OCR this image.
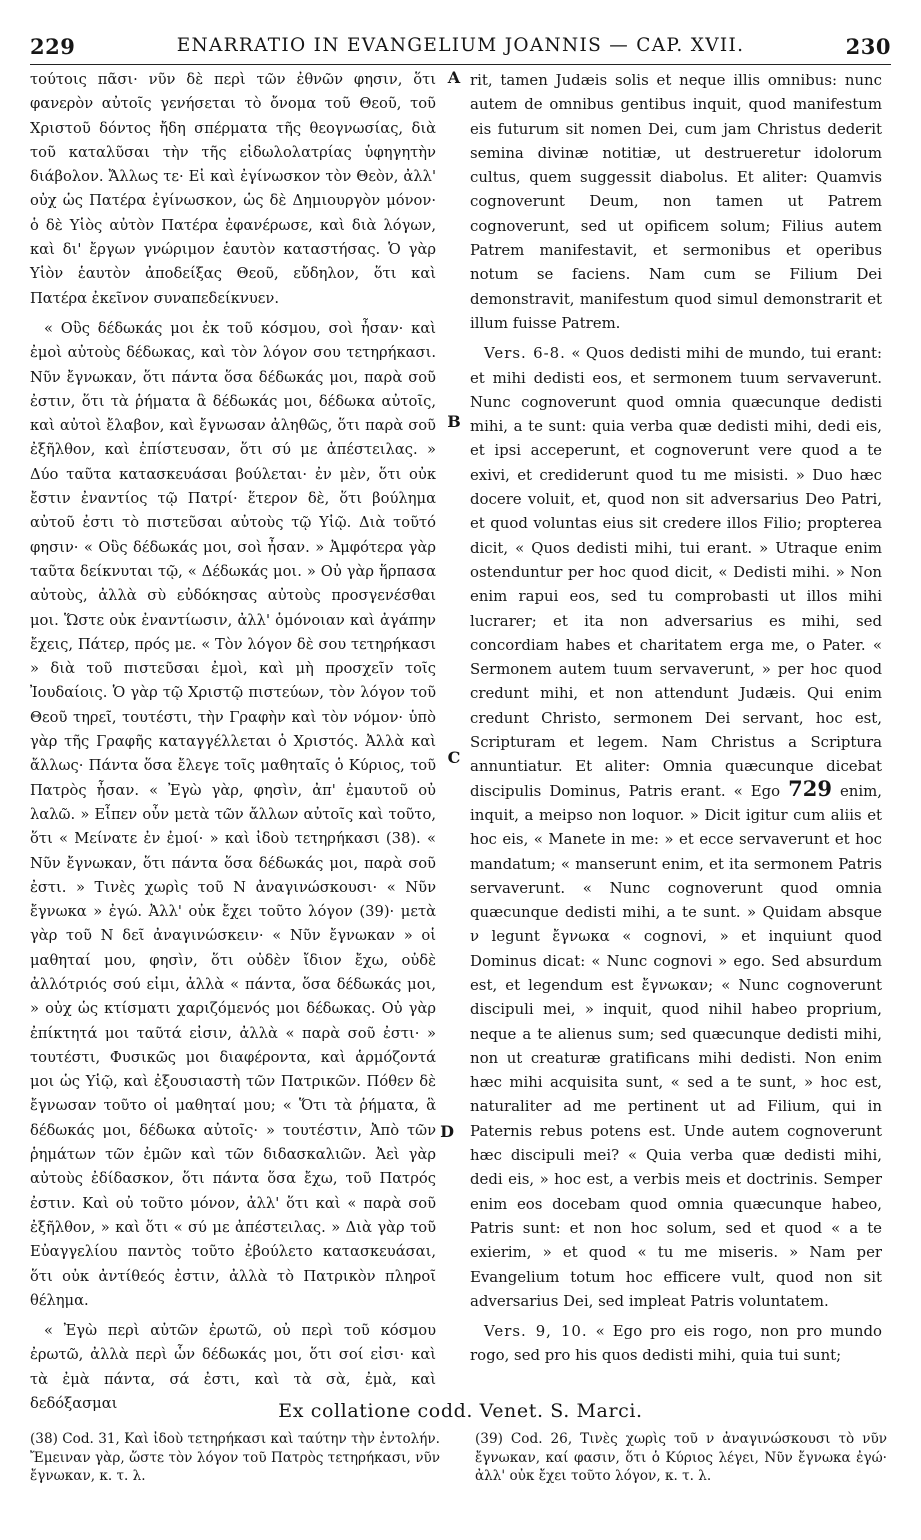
229	ENARRATIO IN EVANGELIUM JOANNIS — CAP. XVII.	230

τούτοις πᾶσι· νῦν δὲ περὶ τῶν ἐθνῶν φησιν, ὅτι φανερὸν αὐτοῖς γενήσεται τὸ ὄνομα τοῦ Θεοῦ, τοῦ Χριστοῦ δόντος ἤδη σπέρματα τῆς θεογνωσίας, διὰ τοῦ καταλῦσαι τὴν τῆς εἰδωλολατρίας ὑφηγητὴν διάβολον. Ἄλλως τε· Εἰ καὶ ἐγίνωσκον τὸν Θεὸν, ἀλλ' οὐχ ὡς Πατέρα ἐγίνωσκον, ὡς δὲ Δημιουργὸν μόνον· ὁ δὲ Υἱὸς αὐτὸν Πατέρα ἐφανέρωσε, καὶ διὰ λόγων, καὶ δι' ἔργων γνώριμον ἑαυτὸν καταστήσας. Ὁ γὰρ Υἱὸν ἑαυτὸν ἀποδείξας Θεοῦ, εὔδηλον, ὅτι καὶ Πατέρα ἐκεῖνον συναπεδείκνυεν.

« Οὓς δέδωκάς μοι ἐκ τοῦ κόσμου, σοὶ ἦσαν· καὶ ἐμοὶ αὐτοὺς δέδωκας, καὶ τὸν λόγον σου τετηρήκασι. Νῦν ἔγνωκαν, ὅτι πάντα ὅσα δέδωκάς μοι, παρὰ σοῦ ἐστιν, ὅτι τὰ ῥήματα ἃ δέδωκάς μοι, δέδωκα αὐτοῖς, καὶ αὐτοὶ ἔλαβον, καὶ ἔγνωσαν ἀληθῶς, ὅτι παρὰ σοῦ ἐξῆλθον, καὶ ἐπίστευσαν, ὅτι σύ με ἀπέστειλας. » Δύο ταῦτα κατασκευάσαι βούλεται· ἐν μὲν, ὅτι οὐκ ἔστιν ἐναντίος τῷ Πατρί· ἕτερον δὲ, ὅτι βούλημα αὐτοῦ ἐστι τὸ πιστεῦσαι αὐτοὺς τῷ Υἱῷ. Διὰ τοῦτό φησιν· « Οὓς δέδωκάς μοι, σοὶ ἦσαν. » Ἀμφότερα γὰρ ταῦτα δείκνυται τῷ, « Δέδωκάς μοι. » Οὐ γὰρ ἥρπασα αὐτοὺς, ἀλλὰ σὺ εὐδόκησας αὐτοὺς προσγενέσθαι μοι. Ὥστε οὐκ ἐναντίωσιν, ἀλλ' ὁμόνοιαν καὶ ἀγάπην ἔχεις, Πάτερ, πρός με. « Τὸν λόγον δὲ σου τετηρήκασι » διὰ τοῦ πιστεῦσαι ἐμοὶ, καὶ μὴ προσχεῖν τοῖς Ἰουδαίοις. Ὁ γὰρ τῷ Χριστῷ πιστεύων, τὸν λόγον τοῦ Θεοῦ τηρεῖ, τουτέστι, τὴν Γραφὴν καὶ τὸν νόμον· ὑπὸ γὰρ τῆς Γραφῆς καταγγέλλεται ὁ Χριστός. Ἀλλὰ καὶ ἄλλως· Πάντα ὅσα ἔλεγε τοῖς μαθηταῖς ὁ Κύριος, τοῦ Πατρὸς ἦσαν. « Ἐγὼ γὰρ, φησὶν, ἀπ' ἐμαυτοῦ οὐ λαλῶ. » Εἶπεν οὖν μετὰ τῶν ἄλλων αὐτοῖς καὶ τοῦτο, ὅτι « Μείνατε ἐν ἐμοί· » καὶ ἰδοὺ τετηρήκασι (38). « Νῦν ἔγνωκαν, ὅτι πάντα ὅσα δέδωκάς μοι, παρὰ σοῦ ἐστι. » Τινὲς χωρὶς τοῦ Ν ἀναγινώσκουσι· « Νῦν ἔγνωκα » ἐγώ. Ἀλλ' οὐκ ἔχει τοῦτο λόγον (39)· μετὰ γὰρ τοῦ Ν δεῖ ἀναγινώσκειν· « Νῦν ἔγνωκαν » οἱ μαθηταί μου, φησὶν, ὅτι οὐδὲν ἴδιον ἔχω, οὐδὲ ἀλλότριός σού εἰμι, ἀλλὰ « πάντα, ὅσα δέδωκάς μοι, » οὐχ ὡς κτίσματι χαριζόμενός μοι δέδωκας. Οὐ γὰρ ἐπίκτητά μοι ταῦτά εἰσιν, ἀλλὰ « παρὰ σοῦ ἐστι· » τουτέστι, Φυσικῶς μοι διαφέροντα, καὶ ἁρμόζοντά μοι ὡς Υἱῷ, καὶ ἐξουσιαστὴ τῶν Πατρικῶν. Πόθεν δὲ ἔγνωσαν τοῦτο οἱ μαθηταί μου; « Ὅτι τὰ ῥήματα, ἃ δέδωκάς μοι, δέδωκα αὐτοῖς· » τουτέστιν, Ἀπὸ τῶν ῥημάτων τῶν ἐμῶν καὶ τῶν διδασκαλιῶν. Ἀεὶ γὰρ αὐτοὺς ἐδίδασκον, ὅτι πάντα ὅσα ἔχω, τοῦ Πατρός ἐστιν. Καὶ οὐ τοῦτο μόνον, ἀλλ' ὅτι καὶ « παρὰ σοῦ ἐξῆλθον, » καὶ ὅτι « σύ με ἀπέστειλας. » Διὰ γὰρ τοῦ Εὐαγγελίου παντὸς τοῦτο ἐβούλετο κατασκευάσαι, ὅτι οὐκ ἀντίθεός ἐστιν, ἀλλὰ τὸ Πατρικὸν πληροῖ θέλημα.

« Ἐγὼ περὶ αὐτῶν ἐρωτῶ, οὐ περὶ τοῦ κόσμου ἐρωτῶ, ἀλλὰ περὶ ὧν δέδωκάς μοι, ὅτι σοί εἰσι· καὶ τὰ ἐμὰ πάντα, σά ἐστι, καὶ τὰ σὰ, ἐμὰ, καὶ δεδόξασμαι

A
B
C
D

rit, tamen Judæis solis et neque illis omnibus: nunc autem de omnibus gentibus inquit, quod manifestum eis futurum sit nomen Dei, cum jam Christus dederit semina divinæ notitiæ, ut destrueretur idolorum cultus, quem suggessit diabolus. Et aliter: Quamvis cognoverunt Deum, non tamen ut Patrem cognoverunt, sed ut opificem solum; Filius autem Patrem manifestavit, et sermonibus et operibus notum se faciens. Nam cum se Filium Dei demonstravit, manifestum quod simul demonstrarit et illum fuisse Patrem.

Vers. 6-8. « Quos dedisti mihi de mundo, tui erant: et mihi dedisti eos, et sermonem tuum servaverunt. Nunc cognoverunt quod omnia quæcunque dedisti mihi, a te sunt: quia verba quæ dedisti mihi, dedi eis, et ipsi acceperunt, et cognoverunt vere quod a te exivi, et crediderunt quod tu me misisti. » Duo hæc docere voluit, et, quod non sit adversarius Deo Patri, et quod voluntas eius sit credere illos Filio; propterea dicit, « Quos dedisti mihi, tui erant. » Utraque enim ostenduntur per hoc quod dicit, « Dedisti mihi. » Non enim rapui eos, sed tu comprobasti ut illos mihi lucrarer; et ita non adversarius es mihi, sed concordiam habes et charitatem erga me, o Pater. « Sermonem autem tuum servaverunt, » per hoc quod credunt mihi, et non attendunt Judæis. Qui enim credunt Christo, sermonem Dei servant, hoc est, Scripturam et legem. Nam Christus a Scriptura annuntiatur. Et aliter: Omnia quæcunque dicebat discipulis Dominus, Patris erant. « Ego 729 enim, inquit, a meipso non loquor. » Dicit igitur cum aliis et hoc eis, « Manete in me: » et ecce servaverunt et hoc mandatum; « manserunt enim, et ita sermonem Patris servaverunt. « Nunc cognoverunt quod omnia quæcunque dedisti mihi, a te sunt. » Quidam absque ν legunt ἔγνωκα « cognovi, » et inquiunt quod Dominus dicat: « Nunc cognovi » ego. Sed absurdum est, et legendum est ἔγνωκαν; « Nunc cognoverunt discipuli mei, » inquit, quod nihil habeo proprium, neque a te alienus sum; sed quæcunque dedisti mihi, non ut creaturæ gratificans mihi dedisti. Non enim hæc mihi acquisita sunt, « sed a te sunt, » hoc est, naturaliter ad me pertinent ut ad Filium, qui in Paternis rebus potens est. Unde autem cognoverunt hæc discipuli mei? « Quia verba quæ dedisti mihi, dedi eis, » hoc est, a verbis meis et doctrinis. Semper enim eos docebam quod omnia quæcunque habeo, Patris sunt: et non hoc solum, sed et quod « a te exierim, » et quod « tu me miseris. » Nam per Evangelium totum hoc efficere vult, quod non sit adversarius Dei, sed impleat Patris voluntatem.

Vers. 9, 10. « Ego pro eis rogo, non pro mundo rogo, sed pro his quos dedisti mihi, quia tui sunt;

Ex collatione codd. Venet. S. Marci.
(38) Cod. 31, Καὶ ἰδοὺ τετηρήκασι καὶ ταύτην τὴν ἐντολήν. Ἔμειναν γὰρ, ὥστε τὸν λόγον τοῦ Πατρὸς τετηρήκασι, νῦν ἔγνωκαν, κ. τ. λ.
(39) Cod. 26, Τινὲς χωρὶς τοῦ ν ἀναγινώσκουσι τὸ νῦν ἔγνωκαν, καί φασιν, ὅτι ὁ Κύριος λέγει, Νῦν ἔγνωκα ἐγώ· ἀλλ' οὐκ ἔχει τοῦτο λόγον, κ. τ. λ.
